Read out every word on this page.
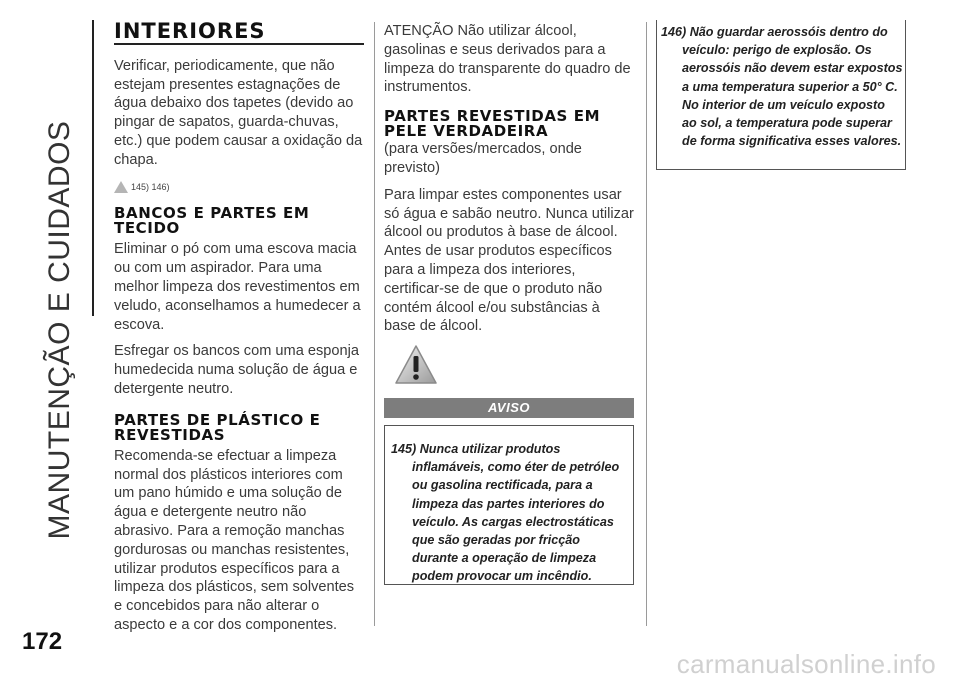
MANUTENÇÃO E CUIDADOS
172
INTERIORES

Verificar, periodicamente, que não estejam presentes estagnações de água debaixo dos tapetes (devido ao pingar de sapatos, guarda-chuvas, etc.) que podem causar a oxidação da chapa.

145) 146)
BANCOS E PARTES EM TECIDO

Eliminar o pó com uma escova macia ou com um aspirador. Para uma melhor limpeza dos revestimentos em veludo, aconselhamos a humedecer a escova.

Esfregar os bancos com uma esponja humedecida numa solução de água e detergente neutro.

PARTES DE PLÁSTICO E REVESTIDAS

Recomenda-se efectuar a limpeza normal dos plásticos interiores com um pano húmido e uma solução de água e detergente neutro não abrasivo. Para a remoção manchas gordurosas ou manchas resistentes, utilizar produtos específicos para a limpeza dos plásticos, sem solventes e concebidos para não alterar o aspecto e a cor dos componentes.

ATENÇÃO Não utilizar álcool, gasolinas e seus derivados para a limpeza do transparente do quadro de instrumentos.

PARTES REVESTIDAS EM PELE VERDADEIRA

(para versões/mercados, onde previsto)

Para limpar estes componentes usar só água e sabão neutro. Nunca utilizar álcool ou produtos à base de álcool. Antes de usar produtos específicos para a limpeza dos interiores, certificar-se de que o produto não contém álcool e/ou substâncias à base de álcool.

AVISO

145) Nunca utilizar produtos inflamáveis, como éter de petróleo ou gasolina rectificada, para a limpeza das partes interiores do veículo. As cargas electrostáticas que são geradas por fricção durante a operação de limpeza podem provocar um incêndio.

146) Não guardar aerossóis dentro do veículo: perigo de explosão. Os aerossóis não devem estar expostos a uma temperatura superior a 50° C. No interior de um veículo exposto ao sol, a temperatura pode superar de forma significativa esses valores.

carmanualsonline.info
